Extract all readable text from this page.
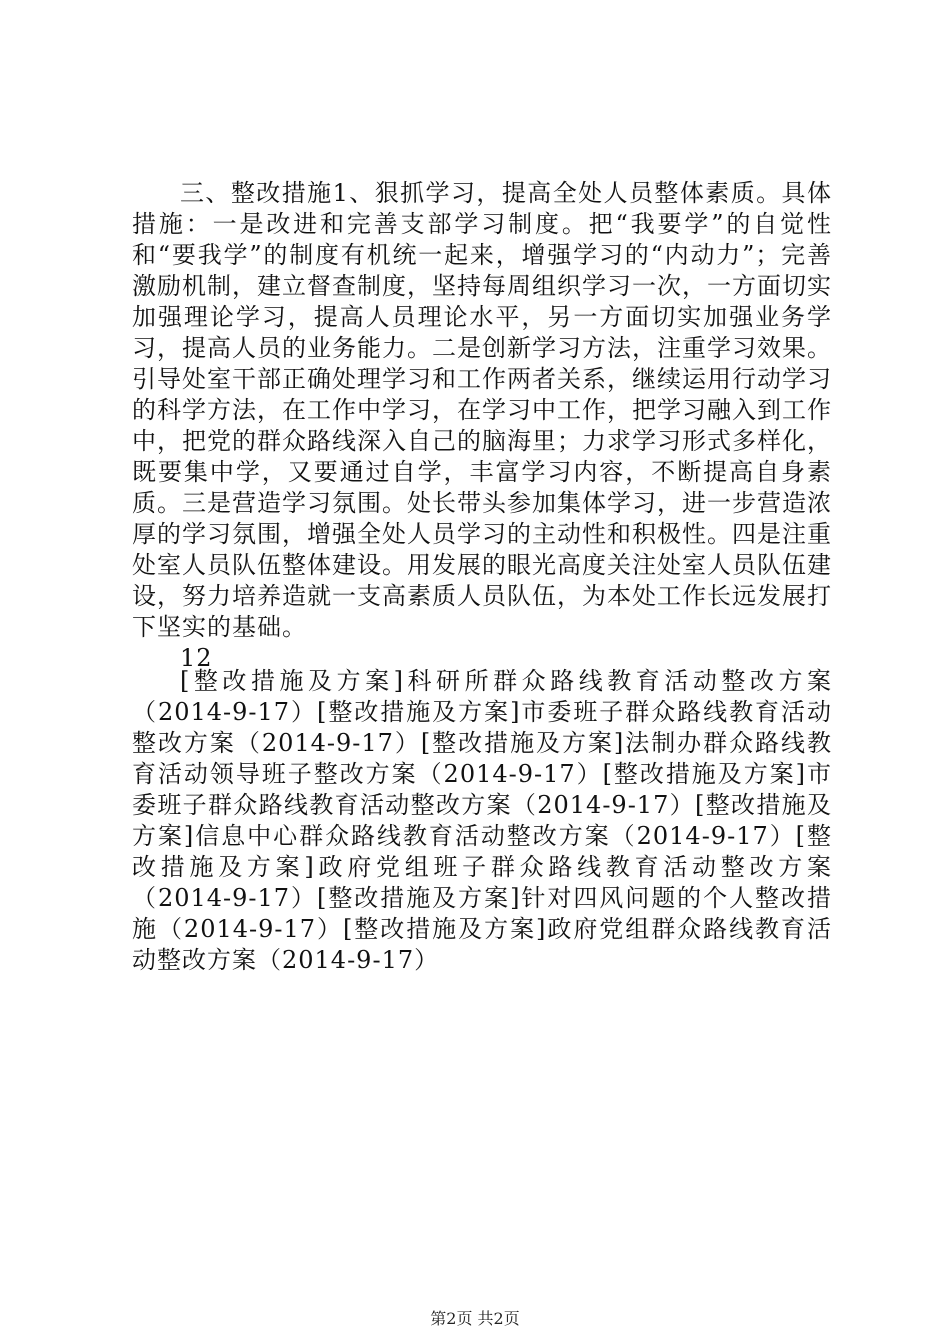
三、整改措施1、狠抓学习，提高全处人员整体素质。具体措施：一是改进和完善支部学习制度。把“我要学”的自觉性和“要我学”的制度有机统一起来，增强学习的“内动力”；完善激励机制，建立督查制度，坚持每周组织学习一次，一方面切实加强理论学习，提高人员理论水平，另一方面切实加强业务学习，提高人员的业务能力。二是创新学习方法，注重学习效果。引导处室干部正确处理学习和工作两者关系，继续运用行动学习的科学方法，在工作中学习，在学习中工作，把学习融入到工作中，把党的群众路线深入自己的脑海里；力求学习形式多样化，既要集中学，又要通过自学，丰富学习内容，不断提高自身素质。三是营造学习氛围。处长带头参加集体学习，进一步营造浓厚的学习氛围，增强全处人员学习的主动性和积极性。四是注重处室人员队伍整体建设。用发展的眼光高度关注处室人员队伍建设，努力培养造就一支高素质人员队伍，为本处工作长远发展打下坚实的基础。

12

[整改措施及方案]科研所群众路线教育活动整改方案（2014-9-17）[整改措施及方案]市委班子群众路线教育活动整改方案（2014-9-17）[整改措施及方案]法制办群众路线教育活动领导班子整改方案（2014-9-17）[整改措施及方案]市委班子群众路线教育活动整改方案（2014-9-17）[整改措施及方案]信息中心群众路线教育活动整改方案（2014-9-17）[整改措施及方案]政府党组班子群众路线教育活动整改方案（2014-9-17）[整改措施及方案]针对四风问题的个人整改措施（2014-9-17）[整改措施及方案]政府党组群众路线教育活动整改方案（2014-9-17）

第2页 共2页
